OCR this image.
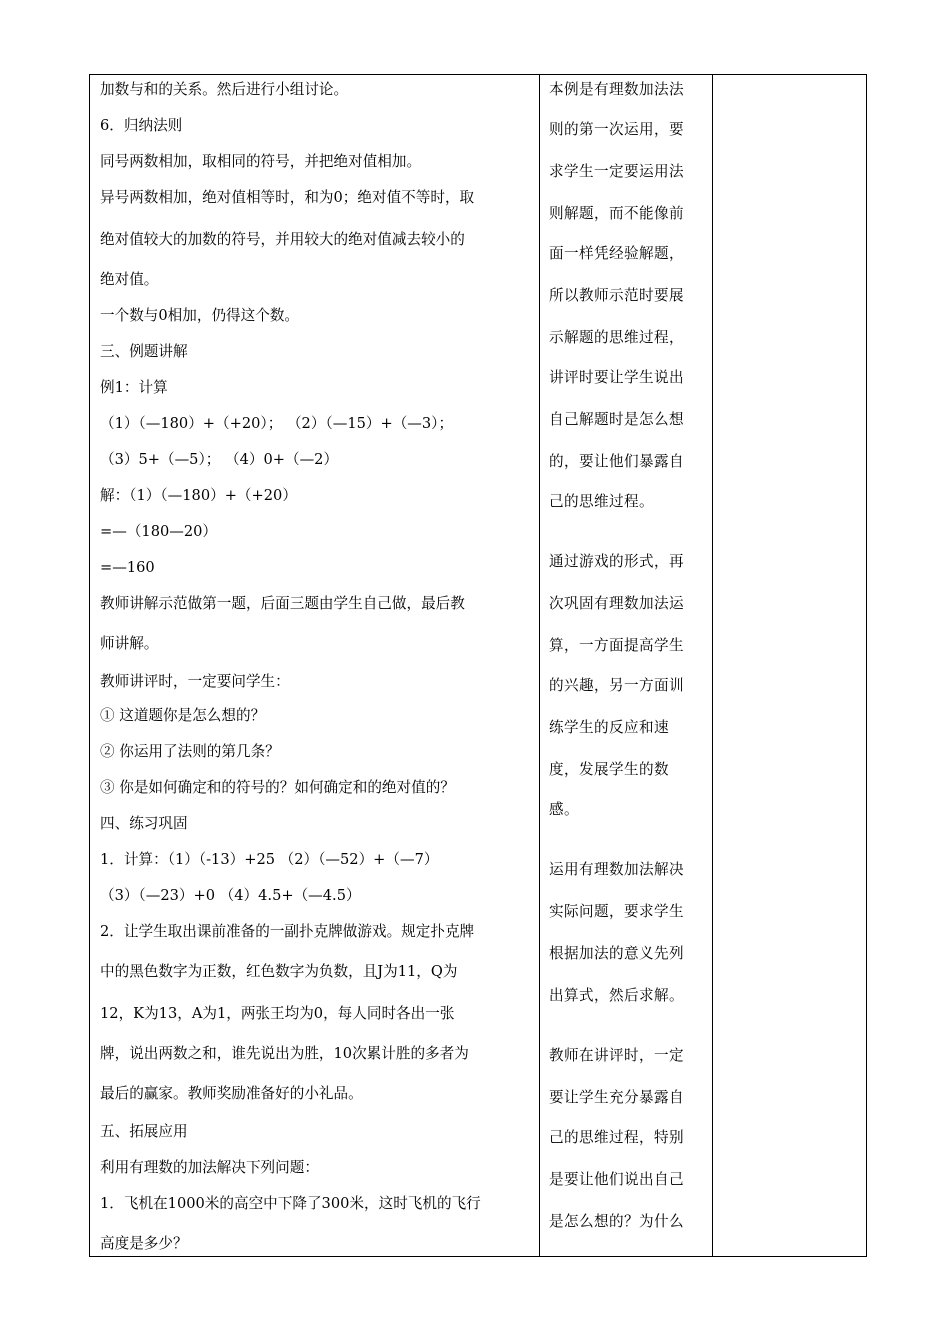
加数与和的关系。然后进行小组讨论。
6．归纳法则
同号两数相加，取相同的符号，并把绝对值相加。
异号两数相加，绝对值相等时，和为0；绝对值不等时，取
绝对值较大的加数的符号，并用较大的绝对值减去较小的
绝对值。
一个数与0相加，仍得这个数。
三、例题讲解
例1：计算
（1）（—180）+（+20）； （2）（—15）+（—3）；
（3）5+（—5）； （4）0+（—2）
解：（1）（—180）+（+20）
=—（180—20）
=—160
教师讲解示范做第一题，后面三题由学生自己做，最后教
师讲解。
教师讲评时，一定要问学生：
① 这道题你是怎么想的？
② 你运用了法则的第几条？
③ 你是如何确定和的符号的？如何确定和的绝对值的？
四、练习巩固
1．计算：（1）（-13）+25 （2）（—52）+（—7）
（3）（—23）+0 （4）4.5+（—4.5）
2．让学生取出课前准备的一副扑克牌做游戏。规定扑克牌
中的黑色数字为正数，红色数字为负数，且J为11，Q为
12，K为13，A为1，两张王均为0，每人同时各出一张
牌，说出两数之和，谁先说出为胜，10次累计胜的多者为
最后的赢家。教师奖励准备好的小礼品。
五、拓展应用
利用有理数的加法解决下列问题：
1．飞机在1000米的高空中下降了300米，这时飞机的飞行
高度是多少？
本例是有理数加法法
则的第一次运用，要
求学生一定要运用法
则解题，而不能像前
面一样凭经验解题，
所以教师示范时要展
示解题的思维过程，
讲评时要让学生说出
自己解题时是怎么想
的，要让他们暴露自
己的思维过程。
通过游戏的形式，再
次巩固有理数加法运
算，一方面提高学生
的兴趣，另一方面训
练学生的反应和速
度，发展学生的数
感。
运用有理数加法解决
实际问题，要求学生
根据加法的意义先列
出算式，然后求解。
教师在讲评时，一定
要让学生充分暴露自
己的思维过程，特别
是要让他们说出自己
是怎么想的？为什么
